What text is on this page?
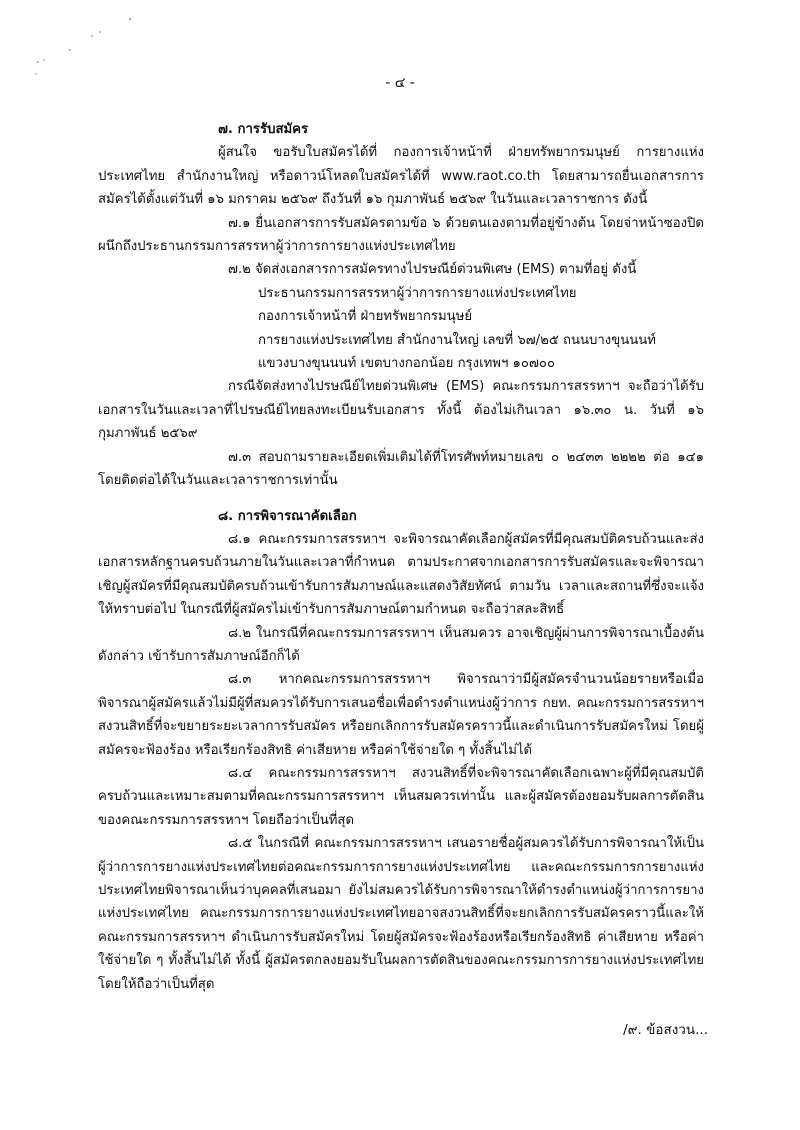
- ๔ -

๗. การรับสมัคร

ผู้สนใจ ขอรับใบสมัครได้ที่ กองการเจ้าหน้าที่ ฝ่ายทรัพยากรมนุษย์ การยางแห่งประเทศไทย สำนักงานใหญ่ หรือดาวน์โหลดใบสมัครได้ที่ www.raot.co.th โดยสามารถยื่นเอกสารการสมัครได้ตั้งแต่วันที่ ๑๖ มกราคม ๒๕๖๙ ถึงวันที่ ๑๖ กุมภาพันธ์ ๒๕๖๙ ในวันและเวลาราชการ ดังนี้

๗.๑ ยื่นเอกสารการรับสมัครตามข้อ ๖ ด้วยตนเองตามที่อยู่ข้างต้น โดยจ่าหน้าซองปิดผนึกถึงประธานกรรมการสรรหาผู้ว่าการการยางแห่งประเทศไทย

๗.๒ จัดส่งเอกสารการสมัครทางไปรษณีย์ด่วนพิเศษ (EMS) ตามที่อยู่ ดังนี้

ประธานกรรมการสรรหาผู้ว่าการการยางแห่งประเทศไทย

กองการเจ้าหน้าที่ ฝ่ายทรัพยากรมนุษย์

การยางแห่งประเทศไทย สำนักงานใหญ่ เลขที่ ๖๗/๒๕ ถนนบางขุนนนท์

แขวงบางขุนนนท์ เขตบางกอกน้อย กรุงเทพฯ ๑๐๗๐๐

กรณีจัดส่งทางไปรษณีย์ไทยด่วนพิเศษ (EMS) คณะกรรมการสรรหาฯ จะถือว่าได้รับเอกสารในวันและเวลาที่ไปรษณีย์ไทยลงทะเบียนรับเอกสาร ทั้งนี้ ต้องไม่เกินเวลา ๑๖.๓๐ น. วันที่ ๑๖ กุมภาพันธ์ ๒๕๖๙

๗.๓ สอบถามรายละเอียดเพิ่มเติมได้ที่โทรศัพท์หมายเลข ๐ ๒๔๓๓ ๒๒๒๒ ต่อ ๑๔๑ โดยติดต่อได้ในวันและเวลาราชการเท่านั้น

๘. การพิจารณาคัดเลือก

๘.๑ คณะกรรมการสรรหาฯ จะพิจารณาคัดเลือกผู้สมัครที่มีคุณสมบัติครบถ้วนและส่งเอกสารหลักฐานครบถ้วนภายในวันและเวลาที่กำหนด ตามประกาศจากเอกสารการรับสมัครและจะพิจารณาเชิญผู้สมัครที่มีคุณสมบัติครบถ้วนเข้ารับการสัมภาษณ์และแสดงวิสัยทัศน์ ตามวัน เวลาและสถานที่ซึ่งจะแจ้งให้ทราบต่อไป ในกรณีที่ผู้สมัครไม่เข้ารับการสัมภาษณ์ตามกำหนด จะถือว่าสละสิทธิ์

๘.๒ ในกรณีที่คณะกรรมการสรรหาฯ เห็นสมควร อาจเชิญผู้ผ่านการพิจารณาเบื้องต้นดังกล่าว เข้ารับการสัมภาษณ์อีกก็ได้

๘.๓ หากคณะกรรมการสรรหาฯ พิจารณาว่ามีผู้สมัครจำนวนน้อยรายหรือเมื่อพิจารณาผู้สมัครแล้วไม่มีผู้ที่สมควรได้รับการเสนอชื่อเพื่อดำรงตำแหน่งผู้ว่าการ กยท. คณะกรรมการสรรหาฯ สงวนสิทธิ์ที่จะขยายระยะเวลาการรับสมัคร หรือยกเลิกการรับสมัครคราวนี้และดำเนินการรับสมัครใหม่ โดยผู้สมัครจะฟ้องร้อง หรือเรียกร้องสิทธิ ค่าเสียหาย หรือค่าใช้จ่ายใด ๆ ทั้งสิ้นไม่ได้

๘.๔ คณะกรรมการสรรหาฯ สงวนสิทธิ์ที่จะพิจารณาคัดเลือกเฉพาะผู้ที่มีคุณสมบัติครบถ้วนและเหมาะสมตามที่คณะกรรมการสรรหาฯ เห็นสมควรเท่านั้น และผู้สมัครต้องยอมรับผลการตัดสินของคณะกรรมการสรรหาฯ โดยถือว่าเป็นที่สุด

๘.๕ ในกรณีที่ คณะกรรมการสรรหาฯ เสนอรายชื่อผู้สมควรได้รับการพิจารณาให้เป็นผู้ว่าการการยางแห่งประเทศไทยต่อคณะกรรมการการยางแห่งประเทศไทย และคณะกรรมการการยางแห่งประเทศไทยพิจารณาเห็นว่าบุคคลที่เสนอมา ยังไม่สมควรได้รับการพิจารณาให้ดำรงตำแหน่งผู้ว่าการการยางแห่งประเทศไทย คณะกรรมการการยางแห่งประเทศไทยอาจสงวนสิทธิ์ที่จะยกเลิกการรับสมัครคราวนี้และให้คณะกรรมการสรรหาฯ ดำเนินการรับสมัครใหม่ โดยผู้สมัครจะฟ้องร้องหรือเรียกร้องสิทธิ ค่าเสียหาย หรือค่าใช้จ่ายใด ๆ ทั้งสิ้นไม่ได้ ทั้งนี้ ผู้สมัครตกลงยอมรับในผลการตัดสินของคณะกรรมการการยางแห่งประเทศไทย โดยให้ถือว่าเป็นที่สุด

/๙. ข้อสงวน...
